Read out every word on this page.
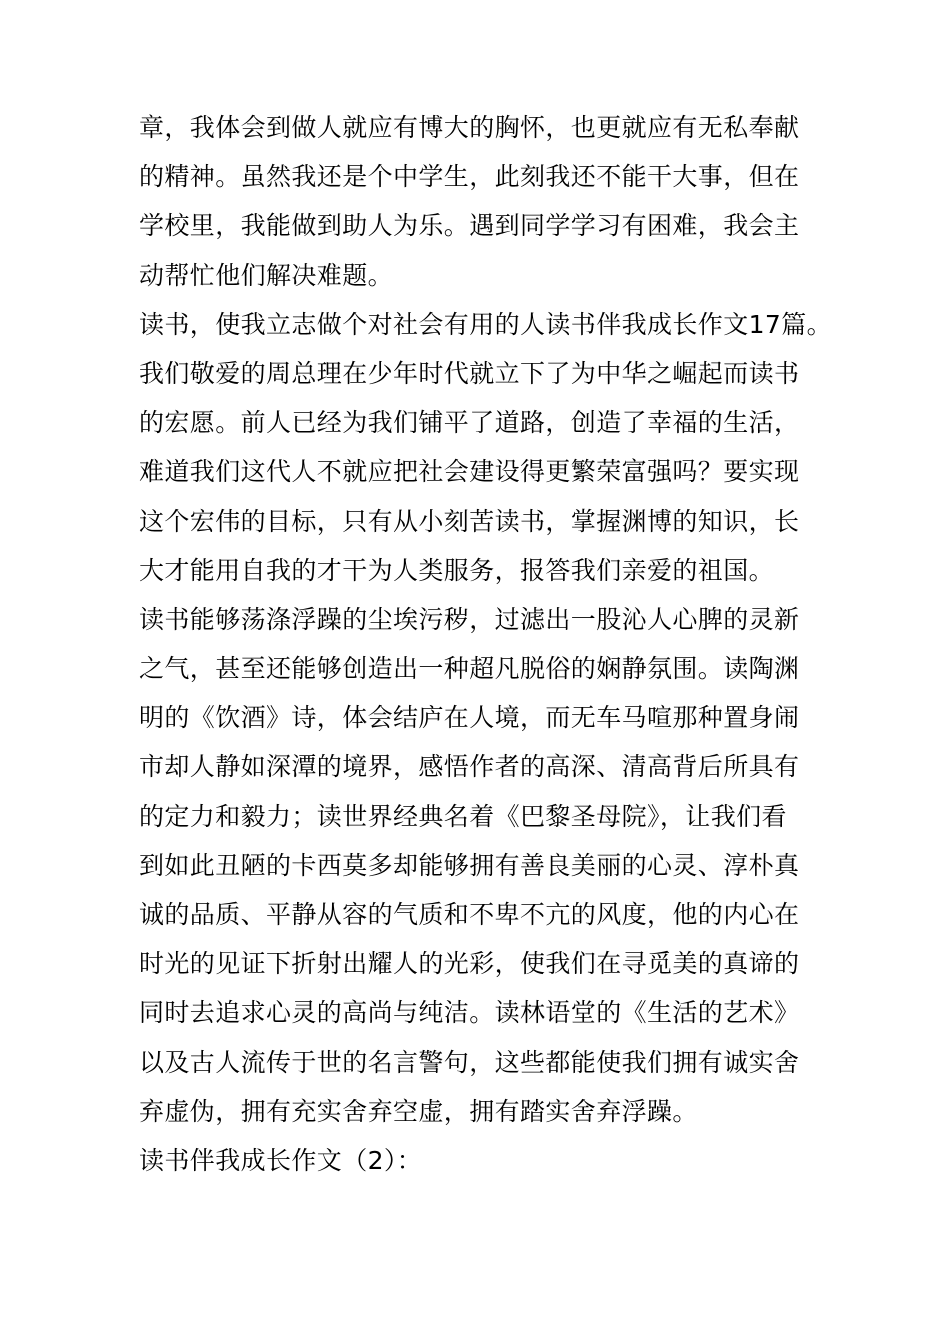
章，我体会到做人就应有博大的胸怀，也更就应有无私奉献
的精神。虽然我还是个中学生，此刻我还不能干大事，但在
学校里，我能做到助人为乐。遇到同学学习有困难，我会主
动帮忙他们解决难题。
读书，使我立志做个对社会有用的人读书伴我成长作文17篇。
我们敬爱的周总理在少年时代就立下了为中华之崛起而读书
的宏愿。前人已经为我们铺平了道路，创造了幸福的生活，
难道我们这代人不就应把社会建设得更繁荣富强吗？要实现
这个宏伟的目标，只有从小刻苦读书，掌握渊博的知识，长
大才能用自我的才干为人类服务，报答我们亲爱的祖国。
读书能够荡涤浮躁的尘埃污秽，过滤出一股沁人心脾的灵新
之气，甚至还能够创造出一种超凡脱俗的娴静氛围。读陶渊
明的《饮酒》诗，体会结庐在人境，而无车马喧那种置身闹
市却人静如深潭的境界，感悟作者的高深、清高背后所具有
的定力和毅力；读世界经典名着《巴黎圣母院》，让我们看
到如此丑陋的卡西莫多却能够拥有善良美丽的心灵、淳朴真
诚的品质、平静从容的气质和不卑不亢的风度，他的内心在
时光的见证下折射出耀人的光彩，使我们在寻觅美的真谛的
同时去追求心灵的高尚与纯洁。读林语堂的《生活的艺术》
以及古人流传于世的名言警句，这些都能使我们拥有诚实舍
弃虚伪，拥有充实舍弃空虚，拥有踏实舍弃浮躁。
读书伴我成长作文（2）：
